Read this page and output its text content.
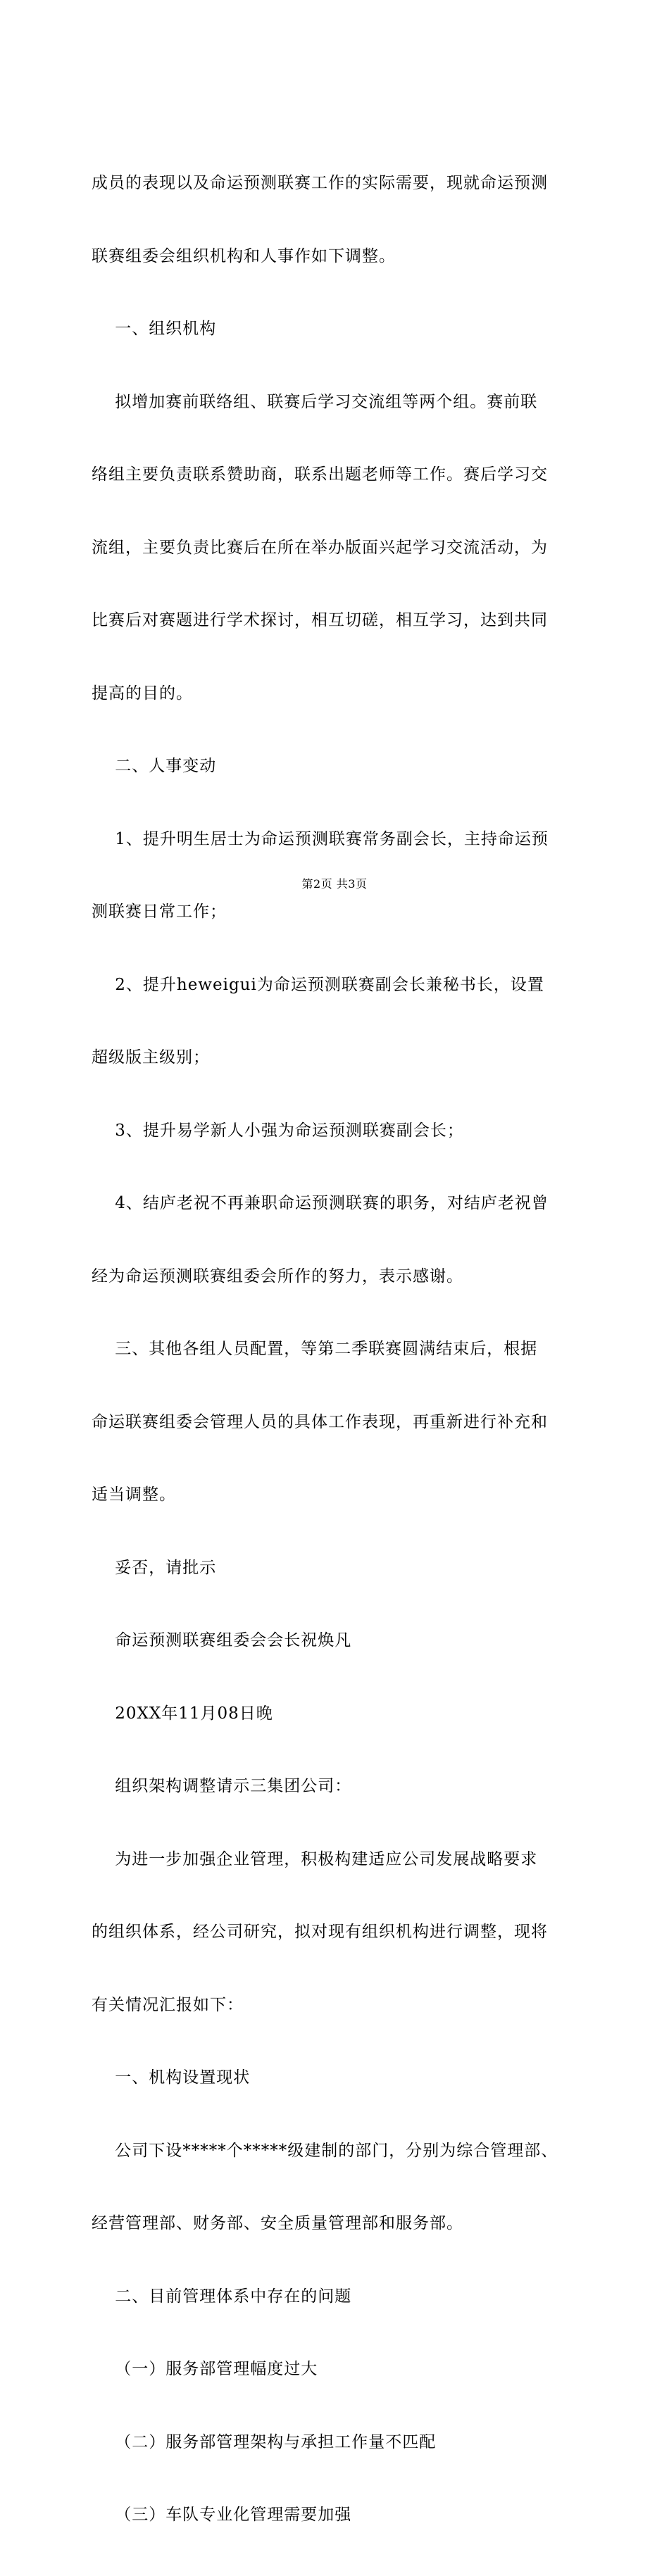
成员的表现以及命运预测联赛工作的实际需要，现就命运预测

联赛组委会组织机构和人事作如下调整。

一、组织机构

拟增加赛前联络组、联赛后学习交流组等两个组。赛前联

络组主要负责联系赞助商，联系出题老师等工作。赛后学习交

流组，主要负责比赛后在所在举办版面兴起学习交流活动，为

比赛后对赛题进行学术探讨，相互切磋，相互学习，达到共同

提高的目的。

二、人事变动

1、提升明生居士为命运预测联赛常务副会长，主持命运预

测联赛日常工作；

2、提升heweigui为命运预测联赛副会长兼秘书长，设置

超级版主级别；

3、提升易学新人小强为命运预测联赛副会长；

4、结庐老祝不再兼职命运预测联赛的职务，对结庐老祝曾

经为命运预测联赛组委会所作的努力，表示感谢。

三、其他各组人员配置，等第二季联赛圆满结束后，根据

命运联赛组委会管理人员的具体工作表现，再重新进行补充和

适当调整。

妥否，请批示

命运预测联赛组委会会长祝焕凡

20XX年11月08日晚

组织架构调整请示三集团公司：

为进一步加强企业管理，积极构建适应公司发展战略要求

的组织体系，经公司研究，拟对现有组织机构进行调整，现将

有关情况汇报如下：

一、机构设置现状

公司下设*****个*****级建制的部门，分别为综合管理部、

经营管理部、财务部、安全质量管理部和服务部。

二、目前管理体系中存在的问题

（一）服务部管理幅度过大

（二）服务部管理架构与承担工作量不匹配

（三）车队专业化管理需要加强

第2页 共3页
